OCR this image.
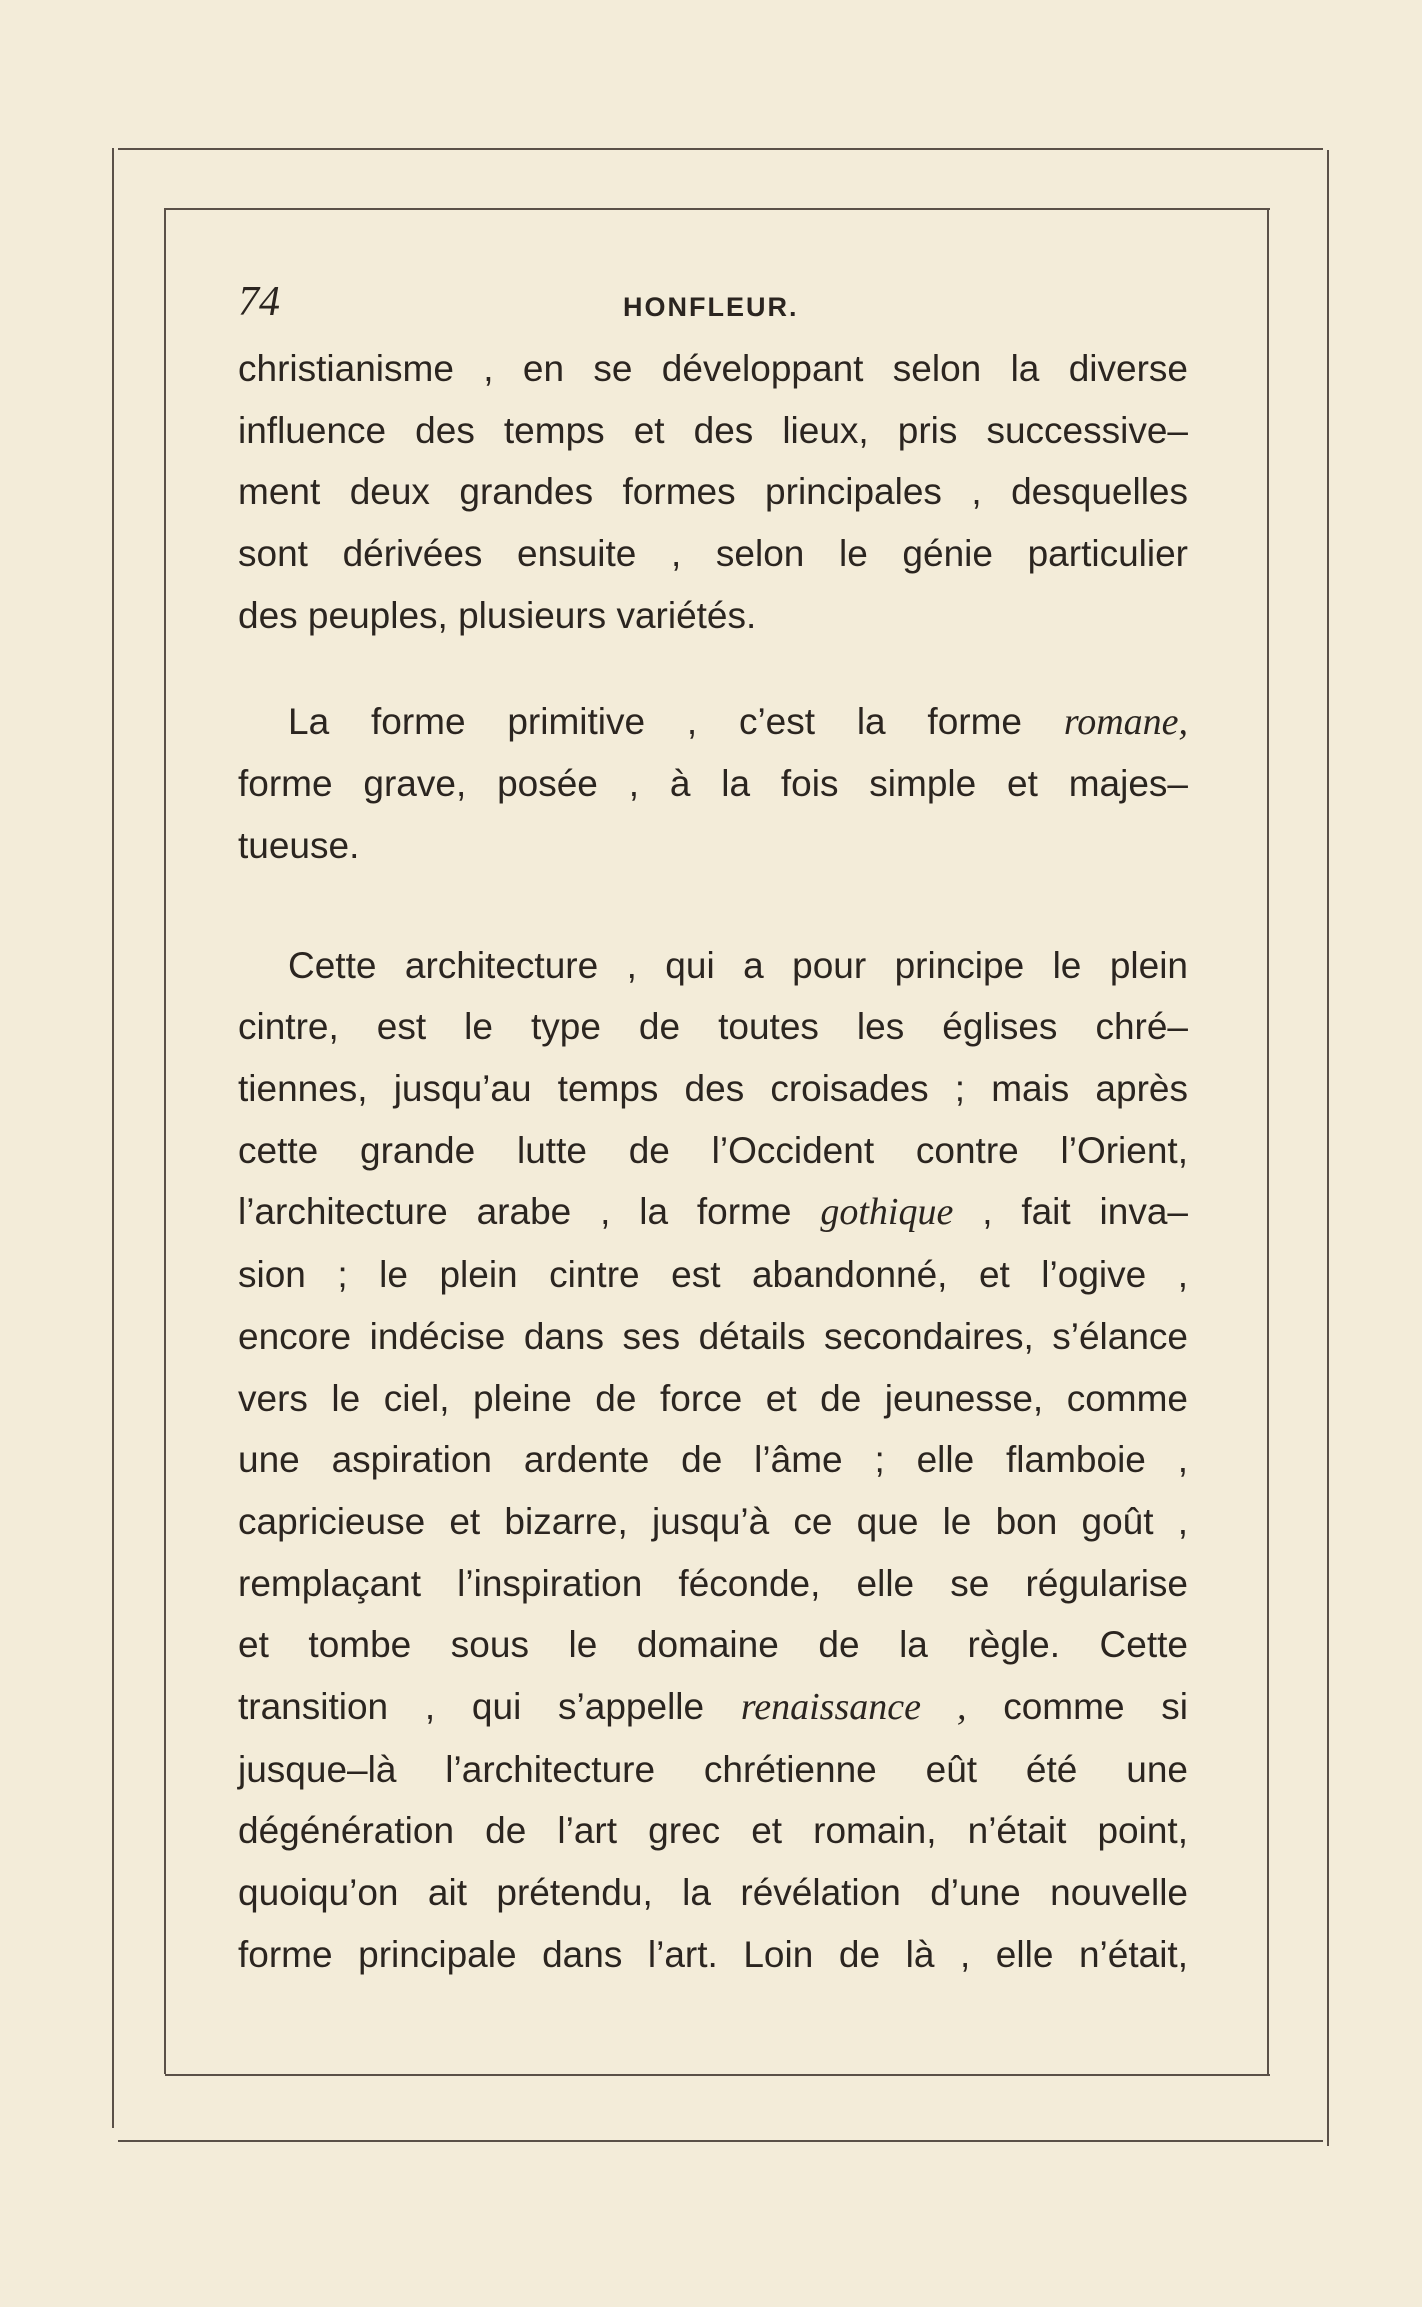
74	HONFLEUR.
christianisme , en se développant selon la diverse
influence des temps et des lieux, pris successive–
ment deux grandes formes principales , desquelles
sont dérivées ensuite , selon le génie particulier
des peuples, plusieurs variétés.
La forme primitive , c’est la forme romane,
forme grave, posée , à la fois simple et majes–
tueuse.
Cette architecture , qui a pour principe le plein
cintre, est le type de toutes les églises chré–
tiennes, jusqu’au temps des croisades ; mais après
cette grande lutte de l’Occident contre l’Orient,
l’architecture arabe , la forme gothique , fait inva–
sion ; le plein cintre est abandonné, et l’ogive ,
encore indécise dans ses détails secondaires, s’élance
vers le ciel, pleine de force et de jeunesse, comme
une aspiration ardente de l’âme ; elle flamboie ,
capricieuse et bizarre, jusqu’à ce que le bon goût ,
remplaçant l’inspiration féconde, elle se régularise
et tombe sous le domaine de la règle. Cette
transition , qui s’appelle renaissance , comme si
jusque–là l’architecture chrétienne eût été une
dégénération de l’art grec et romain, n’était point,
quoiqu’on ait prétendu, la révélation d’une nouvelle
forme principale dans l’art. Loin de là , elle n’était,
